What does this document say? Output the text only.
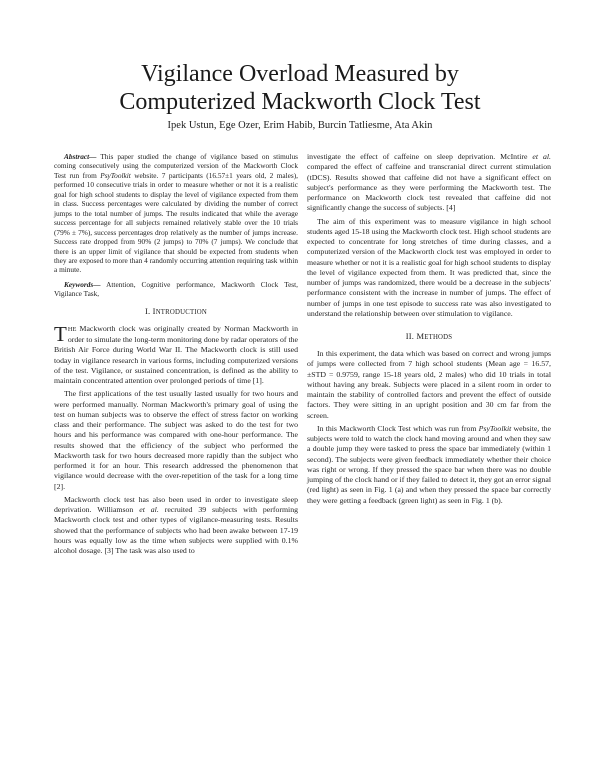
Vigilance Overload Measured by
Computerized Mackworth Clock Test
Ipek Ustun, Ege Ozer, Erim Habib, Burcin Tatliesme, Ata Akin

Abstract— This paper studied the change of vigilance based on stimulus coming consecutively using the computerized version of the Mackworth Clock Test run from PsyToolkit website. 7 participants (16.57±1 years old, 2 males), performed 10 consecutive trials in order to measure whether or not it is a realistic goal for high school students to display the level of vigilance expected from them in class. Success percentages were calculated by dividing the number of correct jumps to the total number of jumps. The results indicated that while the average success percentage for all subjects remained relatively stable over the 10 trials (79% ± 7%), success percentages drop relatively as the number of jumps increase. Success rate dropped from 90% (2 jumps) to 70% (7 jumps). We conclude that there is an upper limit of vigilance that should be expected from students when they are exposed to more than 4 randomly occurring attention requiring task within a minute.

Keywords— Attention, Cognitive performance, Mackworth Clock Test, Vigilance Task,

I. INTRODUCTION

THE Mackworth clock was originally created by Norman Mackworth in order to simulate the long-term monitoring done by radar operators of the British Air Force during World War II. The Mackworth clock is still used today in vigilance research in various forms, including computerized versions of the test. Vigilance, or sustained concentration, is defined as the ability to maintain concentrated attention over prolonged periods of time [1].

The first applications of the test usually lasted usually for two hours and were performed manually. Norman Mackworth's primary goal of using the test on human subjects was to observe the effect of stress factor on working class and their performance. The subject was asked to do the test for two hours and his performance was compared with one-hour performance. The results showed that the efficiency of the subject who performed the Mackworth task for two hours decreased more rapidly than the subject who performed it for an hour. This research addressed the phenomenon that vigilance would decrease with the over-repetition of the task for a long time [2].

Mackworth clock test has also been used in order to investigate sleep deprivation. Williamson et al. recruited 39 subjects with performing Mackworth clock test and other types of vigilance-measuring tests. Results showed that the performance of subjects who had been awake between 17-19 hours was equally low as the time when subjects were supplied with 0.1% alcohol dosage. [3] The task was also used to

investigate the effect of caffeine on sleep deprivation. McIntire et al. compared the effect of caffeine and transcranial direct current stimulation (tDCS). Results showed that caffeine did not have a significant effect on subject's performance as they were performing the Mackworth test. The performance on Mackworth clock test revealed that caffeine did not significantly change the success of subjects. [4]

The aim of this experiment was to measure vigilance in high school students aged 15-18 using the Mackworth clock test. High school students are expected to concentrate for long stretches of time during classes, and a computerized version of the Mackworth clock test was employed in order to measure whether or not it is a realistic goal for high school students to display the level of vigilance expected from them. It was predicted that, since the number of jumps was randomized, there would be a decrease in the subjects' performance consistent with the increase in number of jumps. The effect of number of jumps in one test episode to success rate was also investigated to understand the relationship between over stimulation to vigilance.

II. METHODS

In this experiment, the data which was based on correct and wrong jumps of jumps were collected from 7 high school students (Mean age = 16.57, ±STD = 0.9759, range 15-18 years old, 2 males) who did 10 trials in total without having any break. Subjects were placed in a silent room in order to maintain the stability of controlled factors and prevent the effect of outside factors. They were sitting in an upright position and 30 cm far from the screen.

In this Mackworth Clock Test which was run from PsyToolkit website, the subjects were told to watch the clock hand moving around and when they saw a double jump they were tasked to press the space bar immediately (within 1 second). The subjects were given feedback immediately whether their choice was right or wrong. If they pressed the space bar when there was no double jumping of the clock hand or if they failed to detect it, they got an error signal (red light) as seen in Fig. 1 (a) and when they pressed the space bar correctly they were getting a feedback (green light) as seen in Fig. 1 (b).
